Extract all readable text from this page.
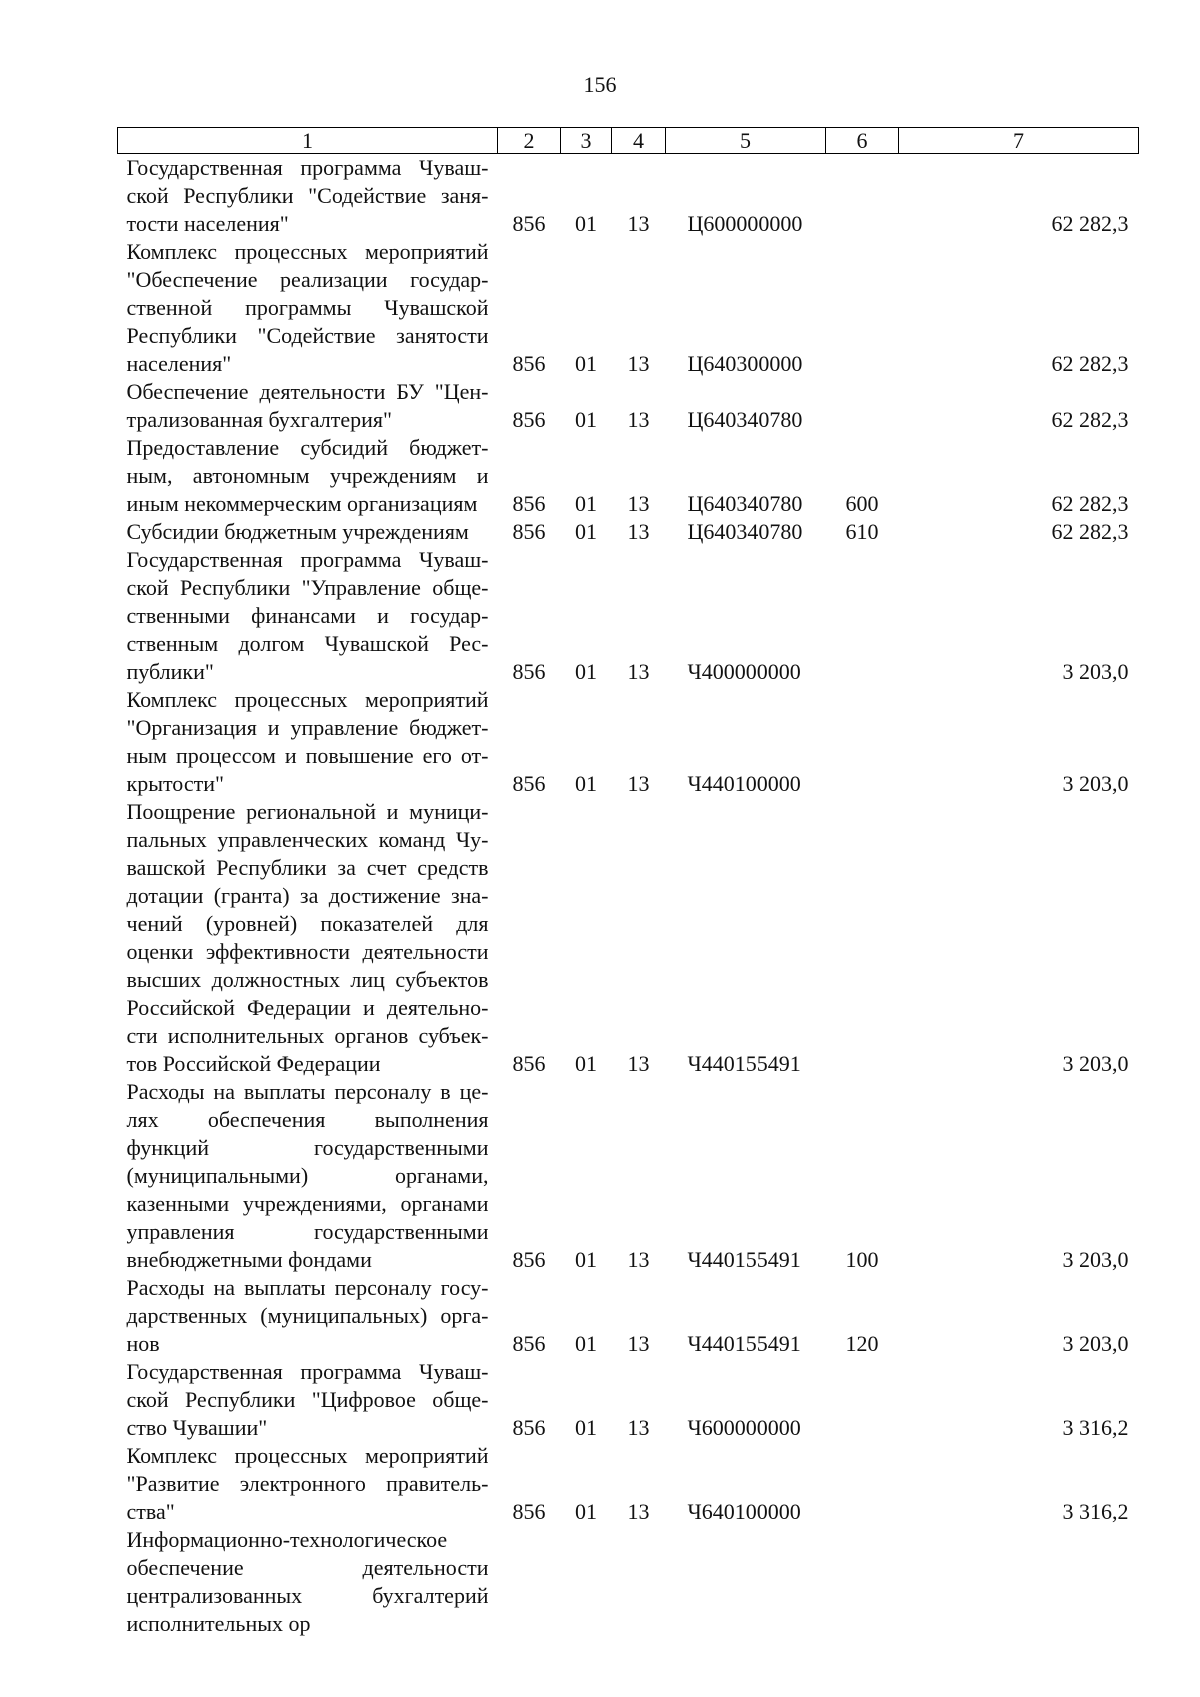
156
1	2	3	4	5	6	7
Государственная программа Чувашской Республики "Содействие занятости населения"	856	01	13	Ц600000000		62 282,3
Комплекс процессных мероприятий "Обеспечение реализации государственной программы Чувашской Республики "Содействие занятости населения"	856	01	13	Ц640300000		62 282,3
Обеспечение деятельности БУ "Централизованная бухгалтерия"	856	01	13	Ц640340780		62 282,3
Предоставление субсидий бюджетным, автономным учреждениям и иным некоммерческим организациям	856	01	13	Ц640340780	600	62 282,3
Субсидии бюджетным учреждениям	856	01	13	Ц640340780	610	62 282,3
Государственная программа Чувашской Республики "Управление общественными финансами и государственным долгом Чувашской Республики"	856	01	13	Ч400000000		3 203,0
Комплекс процессных мероприятий "Организация и управление бюджетным процессом и повышение его открытости"	856	01	13	Ч440100000		3 203,0
Поощрение региональной и муниципальных управленческих команд Чувашской Республики за счет средств дотации (гранта) за достижение значений (уровней) показателей для оценки эффективности деятельности высших должностных лиц субъектов Российской Федерации и деятельности исполнительных органов субъектов Российской Федерации	856	01	13	Ч440155491		3 203,0
Расходы на выплаты персоналу в целях обеспечения выполнения функций государственными (муниципальными) органами, казенными учреждениями, органами управления государственными внебюджетными фондами	856	01	13	Ч440155491	100	3 203,0
Расходы на выплаты персоналу государственных (муниципальных) органов	856	01	13	Ч440155491	120	3 203,0
Государственная программа Чувашской Республики "Цифровое общество Чувашии"	856	01	13	Ч600000000		3 316,2
Комплекс процессных мероприятий "Развитие электронного правительства"	856	01	13	Ч640100000		3 316,2
Информационно-технологическое обеспечение деятельности централизованных бухгалтерий исполнительных ор						
